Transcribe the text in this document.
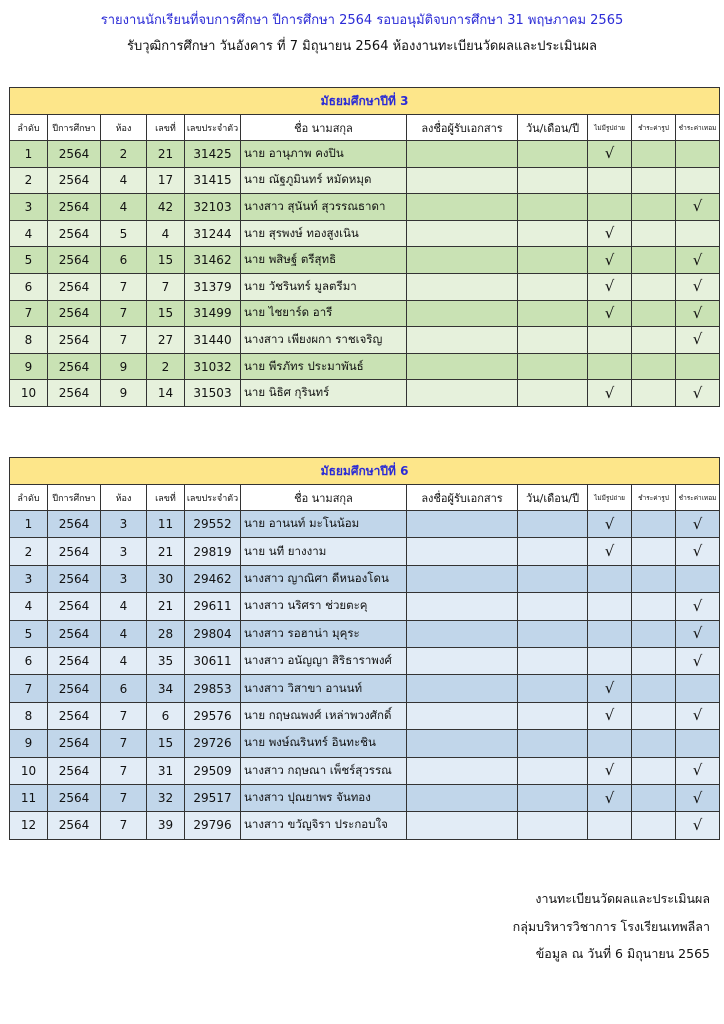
รายงานนักเรียนที่จบการศึกษา ปีการศึกษา 2564 รอบอนุมัติจบการศึกษา 31 พฤษภาคม 2565
รับวุฒิการศึกษา วันอังคาร ที่ 7 มิถุนายน 2564 ห้องงานทะเบียนวัดผลและประเมินผล
มัธยมศึกษาปีที่ 3										
ลำดับ	ปีการศึกษา	ห้อง	เลขที่	เลขประจำตัว	ชื่อ นามสกุล	ลงชื่อผู้รับเอกสาร	วัน/เดือน/ปี	ไม่มีรูปถ่าย	ชำระค่ารูป	ชำระค่าเทอม
1	2564	2	21	31425	นาย อานุภาพ คงปิน			√		
2	2564	4	17	31415	นาย ณัฐภูมินทร์ หมัดหมุด					
3	2564	4	42	32103	นางสาว สุนันท์ สุวรรณธาดา					√
4	2564	5	4	31244	นาย สุรพงษ์ ทองสูงเนิน			√		
5	2564	6	15	31462	นาย พสิษฐ์ ตรีสุทธิ			√		√
6	2564	7	7	31379	นาย วัชรินทร์ มูลตรีมา			√		√
7	2564	7	15	31499	นาย ไชยาร์ด อารี			√		√
8	2564	7	27	31440	นางสาว เพียงผกา ราชเจริญ					√
9	2564	9	2	31032	นาย พีรภัทร ประมาพันธ์					
10	2564	9	14	31503	นาย นิธิศ กุรินทร์			√		√
มัธยมศึกษาปีที่ 6										
ลำดับ	ปีการศึกษา	ห้อง	เลขที่	เลขประจำตัว	ชื่อ นามสกุล	ลงชื่อผู้รับเอกสาร	วัน/เดือน/ปี	ไม่มีรูปถ่าย	ชำระค่ารูป	ชำระค่าเทอม
1	2564	3	11	29552	นาย อานนท์ มะโนน้อม			√		√
2	2564	3	21	29819	นาย นที ยางงาม			√		√
3	2564	3	30	29462	นางสาว ญาณิศา ดีหนองโดน					
4	2564	4	21	29611	นางสาว นริศรา ช่วยตะคุ					√
5	2564	4	28	29804	นางสาว รอฮาน่า มุคุระ					√
6	2564	4	35	30611	นางสาว อนัญญา สิริธาราพงศ์					√
7	2564	6	34	29853	นางสาว วิสาขา อานนท์			√		
8	2564	7	6	29576	นาย กฤษณพงศ์ เหล่าพวงศักดิ์			√		√
9	2564	7	15	29726	นาย พงษ์ณรินทร์ อินทะชิน					
10	2564	7	31	29509	นางสาว กฤษณา เพ็ชร์สุวรรณ			√		√
11	2564	7	32	29517	นางสาว ปุณยาพร จันทอง			√		√
12	2564	7	39	29796	นางสาว ขวัญจิรา ประกอบใจ					√
งานทะเบียนวัดผลและประเมินผล
กลุ่มบริหารวิชาการ โรงเรียนเทพลีลา
ข้อมูล ณ วันที่ 6 มิถุนายน 2565
